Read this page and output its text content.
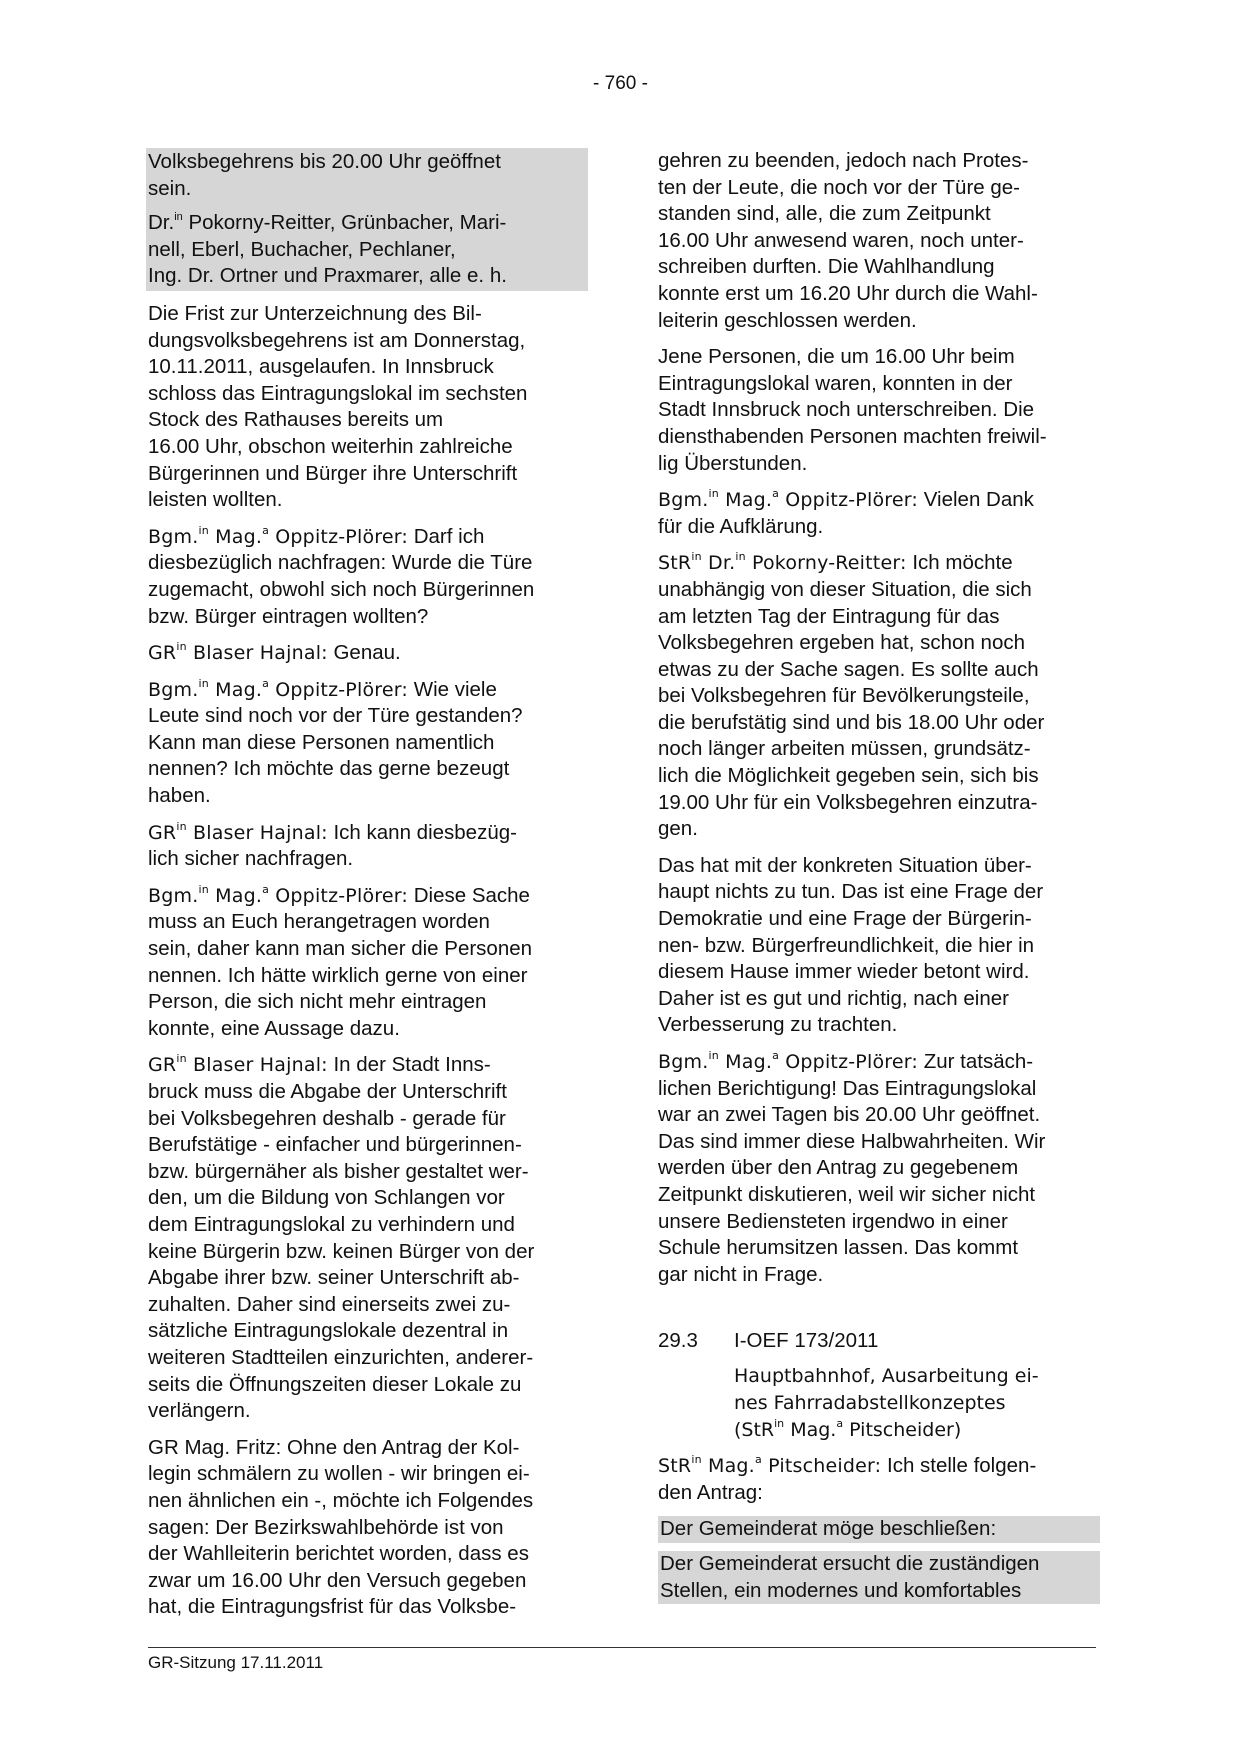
- 760 -

Volksbegehrens bis 20.00 Uhr geöffnet
sein.

Dr.$^{in}$ Pokorny-Reitter, Grünbacher, Mari-
nell, Eberl, Buchacher, Pechlaner,
Ing. Dr. Ortner und Praxmarer, alle e. h.

Die Frist zur Unterzeichnung des Bil-
dungsvolksbegehrens ist am Donnerstag,
10.11.2011, ausgelaufen. In Innsbruck
schloss das Eintragungslokal im sechsten
Stock des Rathauses bereits um
16.00 Uhr, obschon weiterhin zahlreiche
Bürgerinnen und Bürger ihre Unterschrift
leisten wollten.

Bgm.$^{in}$ Mag.$^a$ Oppitz-Plörer: Darf ich
diesbezüglich nachfragen: Wurde die Türe
zugemacht, obwohl sich noch Bürgerinnen
bzw. Bürger eintragen wollten?

$GR^{in}$ Blaser Hajnal: Genau.

Bgm.$^{in}$ Mag.$^a$ Oppitz-Plörer: Wie viele
Leute sind noch vor der Türe gestanden?
Kann man diese Personen namentlich
nennen? Ich möchte das gerne bezeugt
haben.

$GR^{in}$ Blaser Hajnal: Ich kann diesbezüg-
lich sicher nachfragen.

Bgm.$^{in}$ Mag.$^a$ Oppitz-Plörer: Diese Sache
muss an Euch herangetragen worden
sein, daher kann man sicher die Personen
nennen. Ich hätte wirklich gerne von einer
Person, die sich nicht mehr eintragen
konnte, eine Aussage dazu.

$GR^{in}$ Blaser Hajnal: In der Stadt Inns-
bruck muss die Abgabe der Unterschrift
bei Volksbegehren deshalb - gerade für
Berufstätige - einfacher und bürgerinnen-
bzw. bürgernäher als bisher gestaltet wer-
den, um die Bildung von Schlangen vor
dem Eintragungslokal zu verhindern und
keine Bürgerin bzw. keinen Bürger von der
Abgabe ihrer bzw. seiner Unterschrift ab-
zuhalten. Daher sind einerseits zwei zu-
sätzliche Eintragungslokale dezentral in
weiteren Stadtteilen einzurichten, anderer-
seits die Öffnungszeiten dieser Lokale zu
verlängern.

GR Mag. Fritz: Ohne den Antrag der Kol-
legin schmälern zu wollen - wir bringen ei-
nen ähnlichen ein -, möchte ich Folgendes
sagen: Der Bezirkswahlbehörde ist von
der Wahlleiterin berichtet worden, dass es
zwar um 16.00 Uhr den Versuch gegeben
hat, die Eintragungsfrist für das Volksbe-

gehren zu beenden, jedoch nach Protes-
ten der Leute, die noch vor der Türe ge-
standen sind, alle, die zum Zeitpunkt
16.00 Uhr anwesend waren, noch unter-
schreiben durften. Die Wahlhandlung
konnte erst um 16.20 Uhr durch die Wahl-
leiterin geschlossen werden.

Jene Personen, die um 16.00 Uhr beim
Eintragungslokal waren, konnten in der
Stadt Innsbruck noch unterschreiben. Die
diensthabenden Personen machten freiwil-
lig Überstunden.

Bgm.$^{in}$ Mag.$^a$ Oppitz-Plörer: Vielen Dank
für die Aufklärung.

StR$^{in}$ Dr.$^{in}$ Pokorny-Reitter: Ich möchte
unabhängig von dieser Situation, die sich
am letzten Tag der Eintragung für das
Volksbegehren ergeben hat, schon noch
etwas zu der Sache sagen. Es sollte auch
bei Volksbegehren für Bevölkerungsteile,
die berufstätig sind und bis 18.00 Uhr oder
noch länger arbeiten müssen, grundsätz-
lich die Möglichkeit gegeben sein, sich bis
19.00 Uhr für ein Volksbegehren einzutra-
gen.

Das hat mit der konkreten Situation über-
haupt nichts zu tun. Das ist eine Frage der
Demokratie und eine Frage der Bürgerin-
nen- bzw. Bürgerfreundlichkeit, die hier in
diesem Hause immer wieder betont wird.
Daher ist es gut und richtig, nach einer
Verbesserung zu trachten.

Bgm.$^{in}$ Mag.$^a$ Oppitz-Plörer: Zur tatsäch-
lichen Berichtigung! Das Eintragungslokal
war an zwei Tagen bis 20.00 Uhr geöffnet.
Das sind immer diese Halbwahrheiten. Wir
werden über den Antrag zu gegebenem
Zeitpunkt diskutieren, weil wir sicher nicht
unsere Bediensteten irgendwo in einer
Schule herumsitzen lassen. Das kommt
gar nicht in Frage.

29.3 I-OEF 173/2011
Hauptbahnhof, Ausarbeitung ei-
nes Fahrradabstellkonzeptes
(StR$^{in}$ Mag.$^a$ Pitscheider)

StR$^{in}$ Mag.$^a$ Pitscheider: Ich stelle folgen-
den Antrag:

Der Gemeinderat möge beschließen:

Der Gemeinderat ersucht die zuständigen
Stellen, ein modernes und komfortables

GR-Sitzung 17.11.2011
